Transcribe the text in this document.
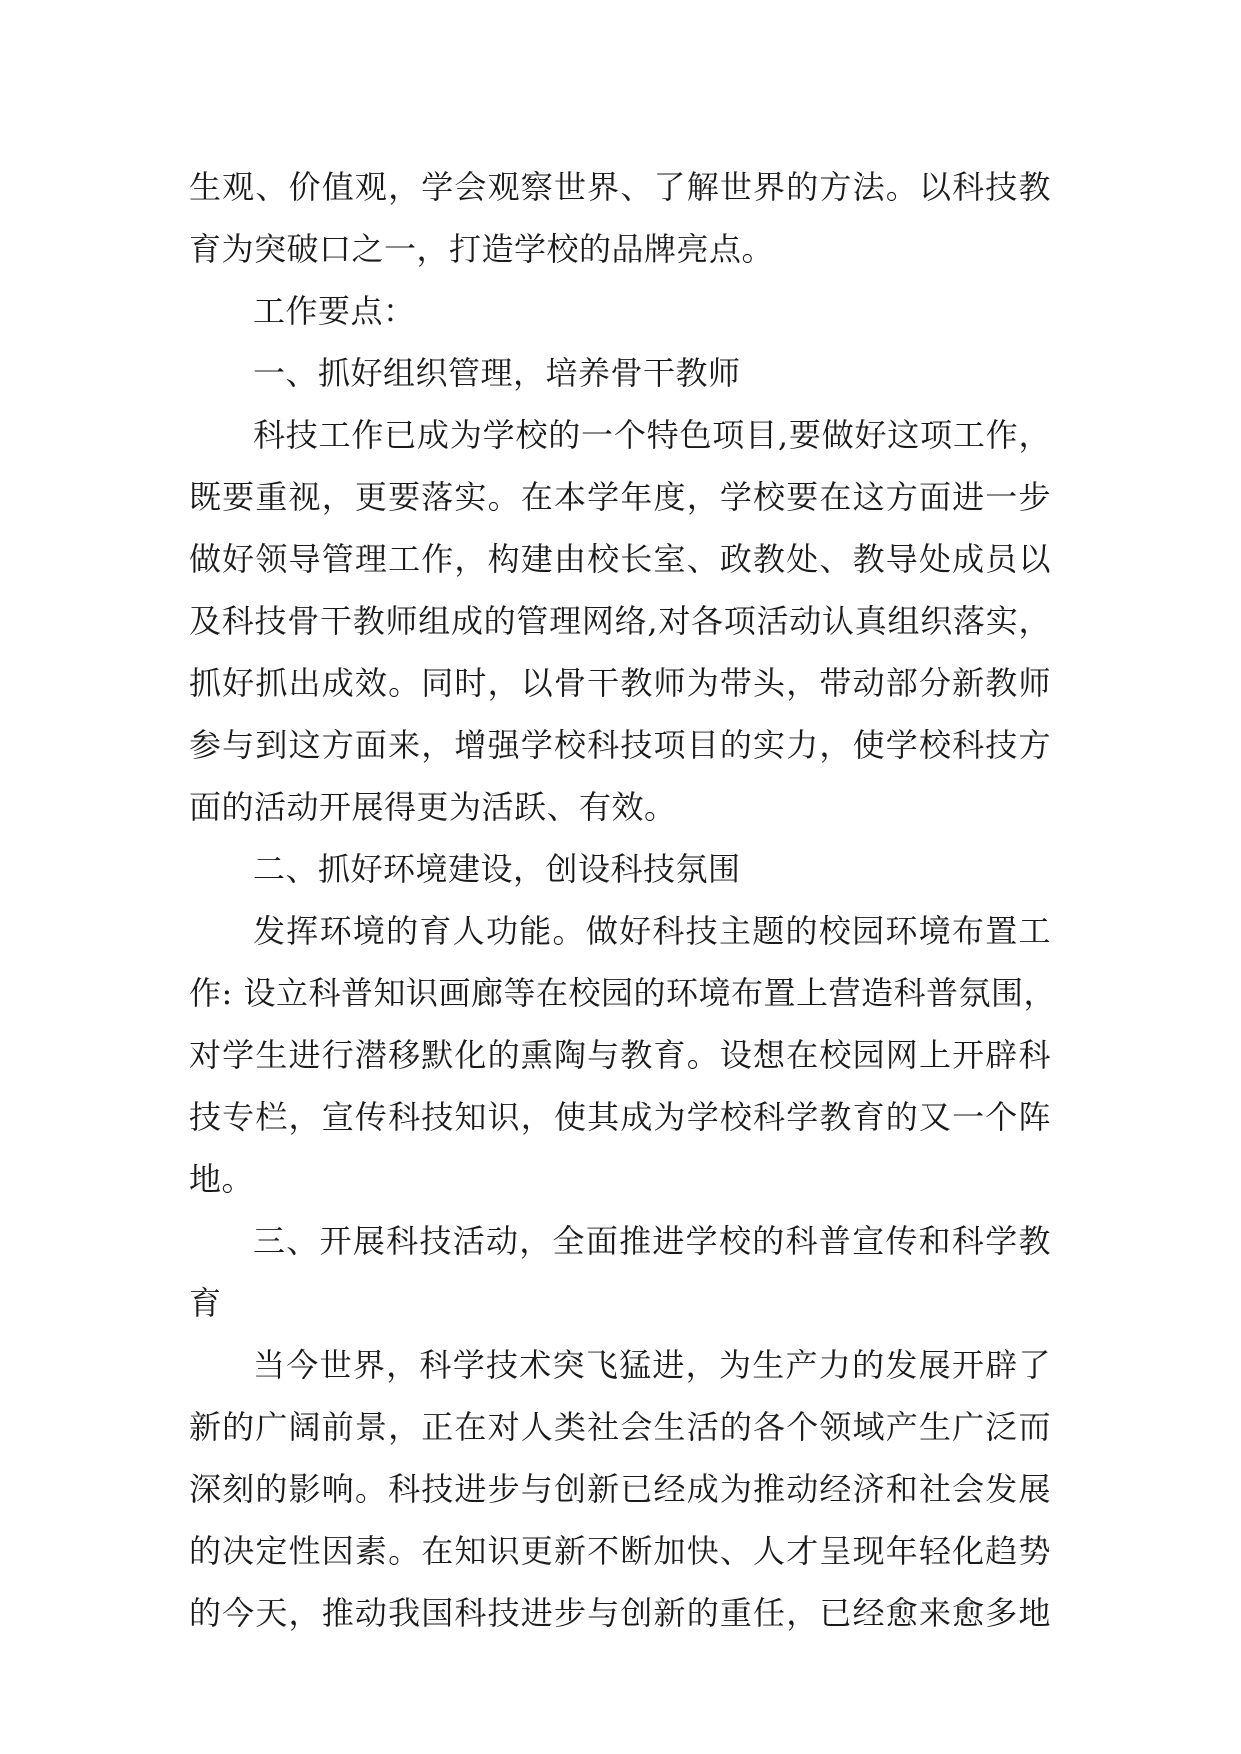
生观、价值观，学会观察世界、了解世界的方法。以科技教
育为突破口之一，打造学校的品牌亮点。
工作要点：
一、抓好组织管理，培养骨干教师
科技工作已成为学校的一个特色项目,要做好这项工作，
既要重视，更要落实。在本学年度，学校要在这方面进一步
做好领导管理工作，构建由校长室、政教处、教导处成员以
及科技骨干教师组成的管理网络,对各项活动认真组织落实，
抓好抓出成效。同时，以骨干教师为带头，带动部分新教师
参与到这方面来，增强学校科技项目的实力，使学校科技方
面的活动开展得更为活跃、有效。
二、抓好环境建设，创设科技氛围
发挥环境的育人功能。做好科技主题的校园环境布置工
作: 设立科普知识画廊等在校园的环境布置上营造科普氛围，
对学生进行潜移默化的熏陶与教育。设想在校园网上开辟科
技专栏，宣传科技知识，使其成为学校科学教育的又一个阵
地。
三、开展科技活动，全面推进学校的科普宣传和科学教
育
当今世界，科学技术突飞猛进，为生产力的发展开辟了
新的广阔前景，正在对人类社会生活的各个领域产生广泛而
深刻的影响。科技进步与创新已经成为推动经济和社会发展
的决定性因素。在知识更新不断加快、人才呈现年轻化趋势
的今天，推动我国科技进步与创新的重任，已经愈来愈多地
